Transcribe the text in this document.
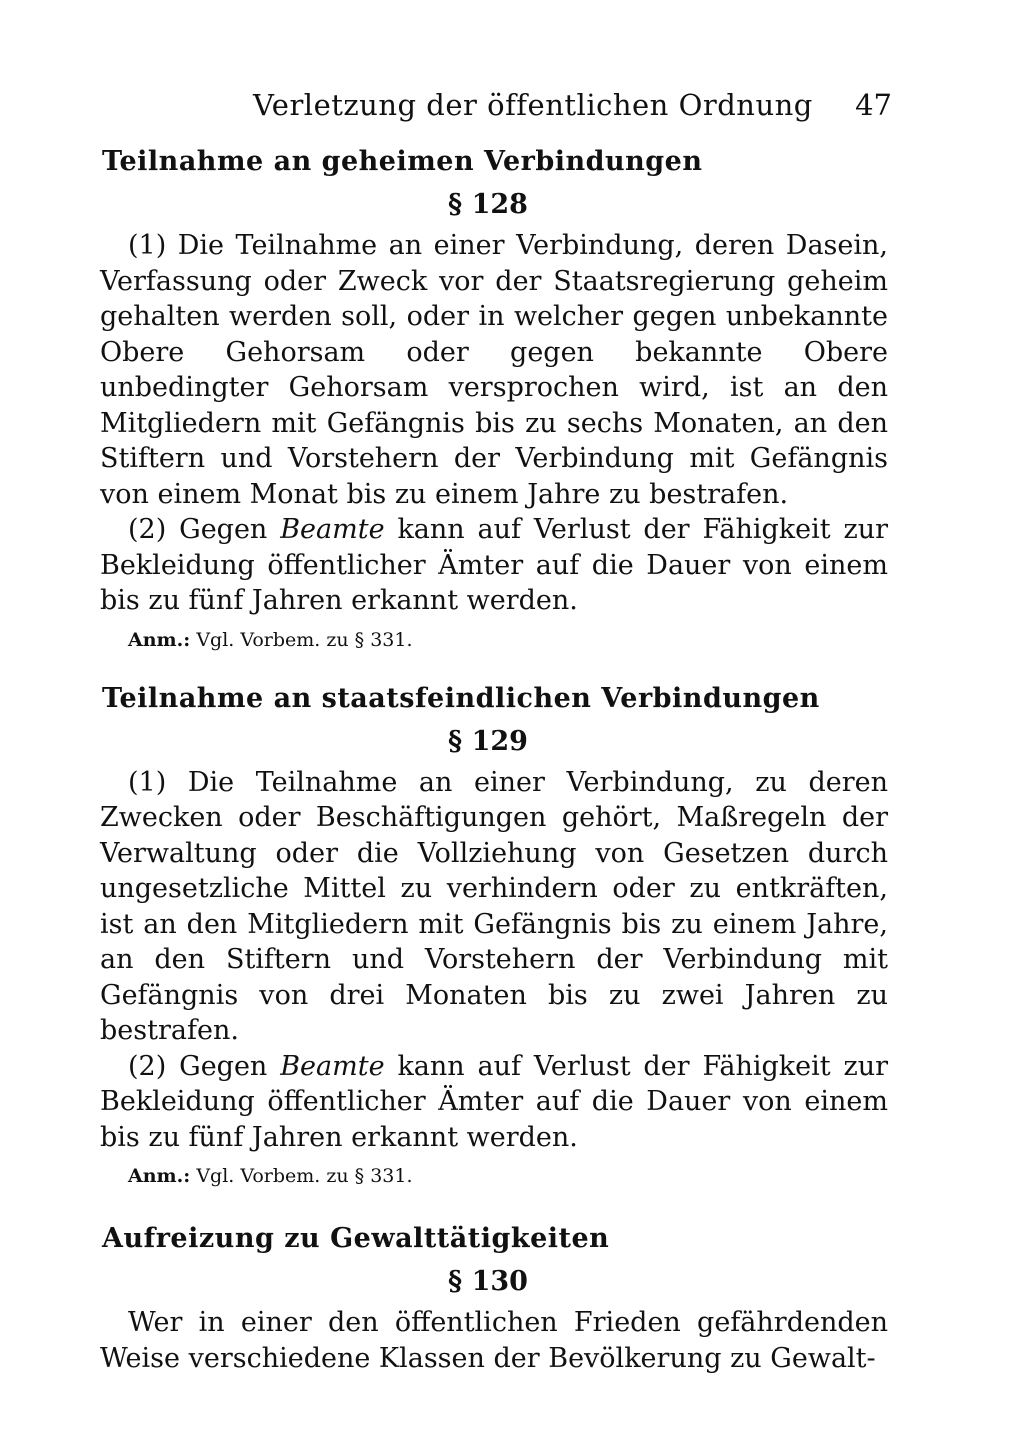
Verletzung der öffentlichen Ordnung 47
Teilnahme an geheimen Verbindungen
§ 128

(1) Die Teilnahme an einer Verbindung, deren Dasein, Verfassung oder Zweck vor der Staatsregierung geheim gehalten werden soll, oder in welcher gegen unbekannte Obere Gehorsam oder gegen bekannte Obere unbedingter Gehorsam versprochen wird, ist an den Mitgliedern mit Gefängnis bis zu sechs Monaten, an den Stiftern und Vorstehern der Verbindung mit Gefängnis von einem Monat bis zu einem Jahre zu bestrafen.

(2) Gegen Beamte kann auf Verlust der Fähigkeit zur Bekleidung öffentlicher Ämter auf die Dauer von einem bis zu fünf Jahren erkannt werden.

Anm.: Vgl. Vorbem. zu § 331.
Teilnahme an staatsfeindlichen Verbindungen
§ 129

(1) Die Teilnahme an einer Verbindung, zu deren Zwecken oder Beschäftigungen gehört, Maßregeln der Verwaltung oder die Vollziehung von Gesetzen durch ungesetzliche Mittel zu verhindern oder zu entkräften, ist an den Mitgliedern mit Gefängnis bis zu einem Jahre, an den Stiftern und Vorstehern der Verbindung mit Gefängnis von drei Monaten bis zu zwei Jahren zu bestrafen.

(2) Gegen Beamte kann auf Verlust der Fähigkeit zur Bekleidung öffentlicher Ämter auf die Dauer von einem bis zu fünf Jahren erkannt werden.

Anm.: Vgl. Vorbem. zu § 331.
Aufreizung zu Gewalttätigkeiten
§ 130

Wer in einer den öffentlichen Frieden gefährdenden Weise verschiedene Klassen der Bevölkerung zu Gewalt-
